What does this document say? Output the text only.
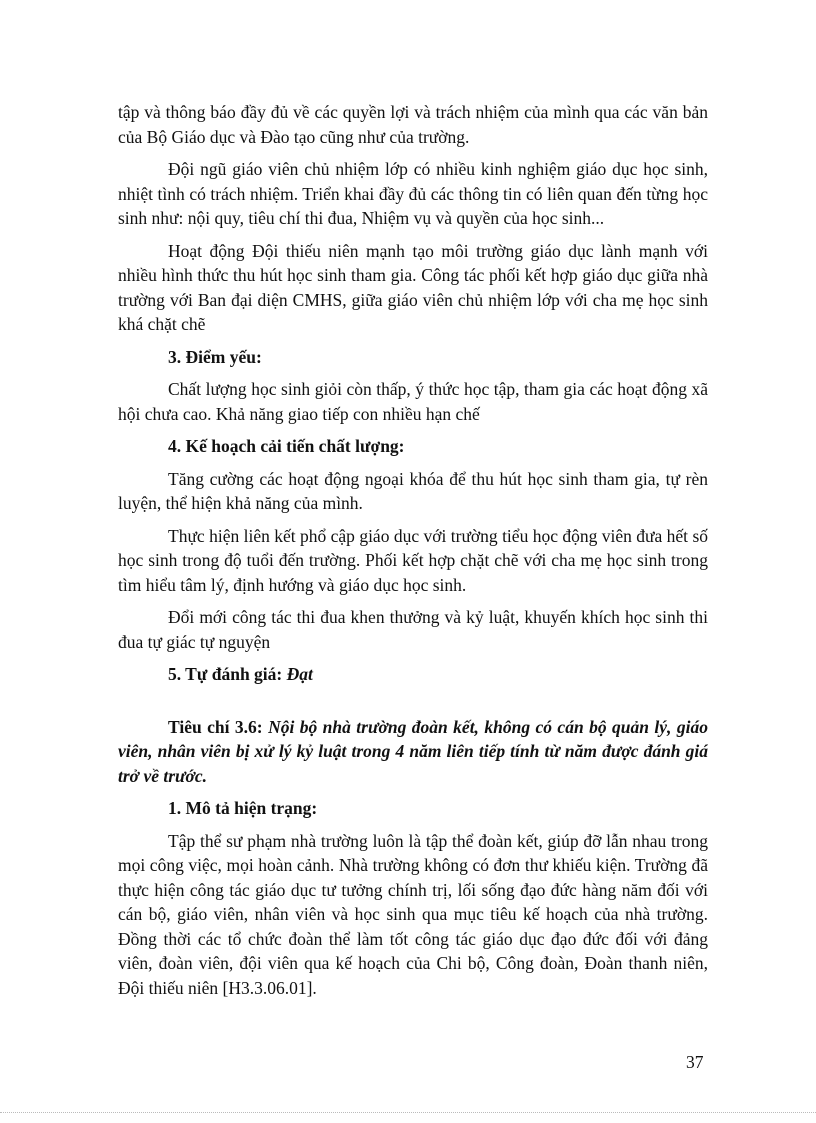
tập và thông báo đầy đủ về các quyền lợi và trách nhiệm của mình qua các văn bản của Bộ Giáo dục và Đào tạo cũng như của trường.

Đội ngũ giáo viên chủ nhiệm lớp có nhiều kinh nghiệm giáo dục học sinh, nhiệt tình có trách nhiệm. Triển khai đầy đủ các thông tin có liên quan đến từng học sinh như: nội quy, tiêu chí thi đua, Nhiệm vụ và quyền của học sinh...

Hoạt động Đội thiếu niên mạnh tạo môi trường giáo dục lành mạnh với nhiều hình thức thu hút học sinh tham gia. Công tác phối kết hợp giáo dục giữa nhà trường với Ban đại diện CMHS, giữa giáo viên chủ nhiệm lớp với cha mẹ học sinh khá chặt chẽ

3. Điểm yếu:

Chất lượng học sinh giỏi còn thấp, ý thức học tập, tham gia các hoạt động xã hội chưa cao. Khả năng giao tiếp con nhiều hạn chế

4. Kế hoạch cải tiến chất lượng:

Tăng cường các hoạt động ngoại khóa để thu hút học sinh tham gia, tự rèn luyện, thể hiện khả năng của mình.

Thực hiện liên kết phổ cập giáo dục với trường tiểu học động viên đưa hết số học sinh trong độ tuổi đến trường. Phối kết hợp chặt chẽ với cha mẹ học sinh trong tìm hiểu tâm lý, định hướng và giáo dục học sinh.

Đổi mới công tác thi đua khen thưởng và kỷ luật, khuyến khích học sinh thi đua tự giác tự nguyện

5. Tự đánh giá: Đạt

Tiêu chí 3.6: Nội bộ nhà trường đoàn kết, không có cán bộ quản lý, giáo viên, nhân viên bị xử lý kỷ luật trong 4 năm liên tiếp tính từ năm được đánh giá trở về trước.

1. Mô tả hiện trạng:

Tập thể sư phạm nhà trường luôn là tập thể đoàn kết, giúp đỡ lẫn nhau trong mọi công việc, mọi hoàn cảnh. Nhà trường không có đơn thư khiếu kiện. Trường đã thực hiện công tác giáo dục tư tưởng chính trị, lối sống đạo đức hàng năm đối với cán bộ, giáo viên, nhân viên và học sinh qua mục tiêu kế hoạch của nhà trường. Đồng thời các tổ chức đoàn thể làm tốt công tác giáo dục đạo đức đối với đảng viên, đoàn viên, đội viên qua kế hoạch của Chi bộ, Công đoàn, Đoàn thanh niên, Đội thiếu niên [H3.3.06.01].

37
